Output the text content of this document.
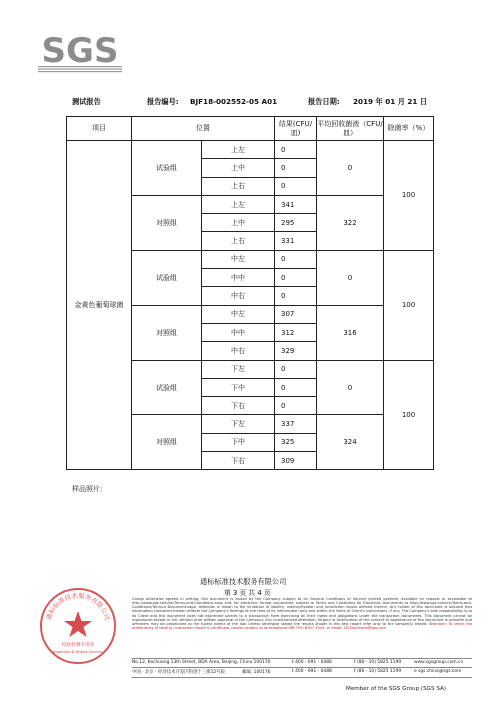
SGS
测试报告	报告编号: BJF18-002552-05 A01	报告日期: 2019 年 01 月 21 日
项目	位置		结果(CFU/皿)	平均回收菌液（CFU/皿）	除菌率（%）
金黄色葡萄球菌	试验组	上左	0	0	100
		上中	0		
		上右	0		
	对照组	上左	341	322	
		上中	295		
		上右	331		
	试验组	中左	0	0	100
		中中	0		
		中右	0		
	对照组	中左	307	316	
		中中	312		
		中右	329		
	试验组	下左	0	0	100
		下中	0		
		下右	0		
	对照组	下左	337	324	
		下中	325		
		下右	309		
样品照片:
通标标准技术服务有限公司
第 3 页 共 4 页
通标标准技术服务有限公司
检验检测专用章
Inspection & Testing Services
Unless otherwise agreed in writing, this document is issued by the Company subject to its General Conditions of Service printed overleaf, available on request or accessible at http://www.sgs.com/en/Terms-and-Conditions.aspx and, for electronic format documents, subject to Terms and Conditions for Electronic Documents at http://www.sgs.com/en/Terms-and-Conditions/Terms-e-Document.aspx. Attention is drawn to the limitation of liability, indemnification and jurisdiction issues defined therein. Any holder of this document is advised that information contained hereon reflects the Company's findings at the time of its intervention only and within the limits of Client's instructions, if any. The Company's sole responsibility is to its Client and this document does not exonerate parties to a transaction from exercising all their rights and obligations under the transaction documents. This document cannot be reproduced except in full, without prior written approval of the Company. Any unauthorized alteration, forgery or falsification of the content or appearance of this document is unlawful and offenders may be prosecuted to the fullest extent of the law. Unless otherwise stated the results shown in this test report refer only to the sample(s) tested. Attention: To check the authenticity of testing / inspection report & certificate, please contact us at telephone:(86-755) 8307 1443, or email: CN.Doccheck@sgs.com
No.12, Kechuang 13th Street, BDA Area, Beijing, China 100176	t 400 - 691 - 0488	f (86 - 10) 5825 1199	www.sgsgroup.com.cn
中国 · 北京 · 经济技术开发区科创十三街12号院	邮编: 100176	t 400 - 691 - 0488	f (86 - 10) 5825 1199	e sgs.china@sgs.com
Member of the SGS Group (SGS SA)
